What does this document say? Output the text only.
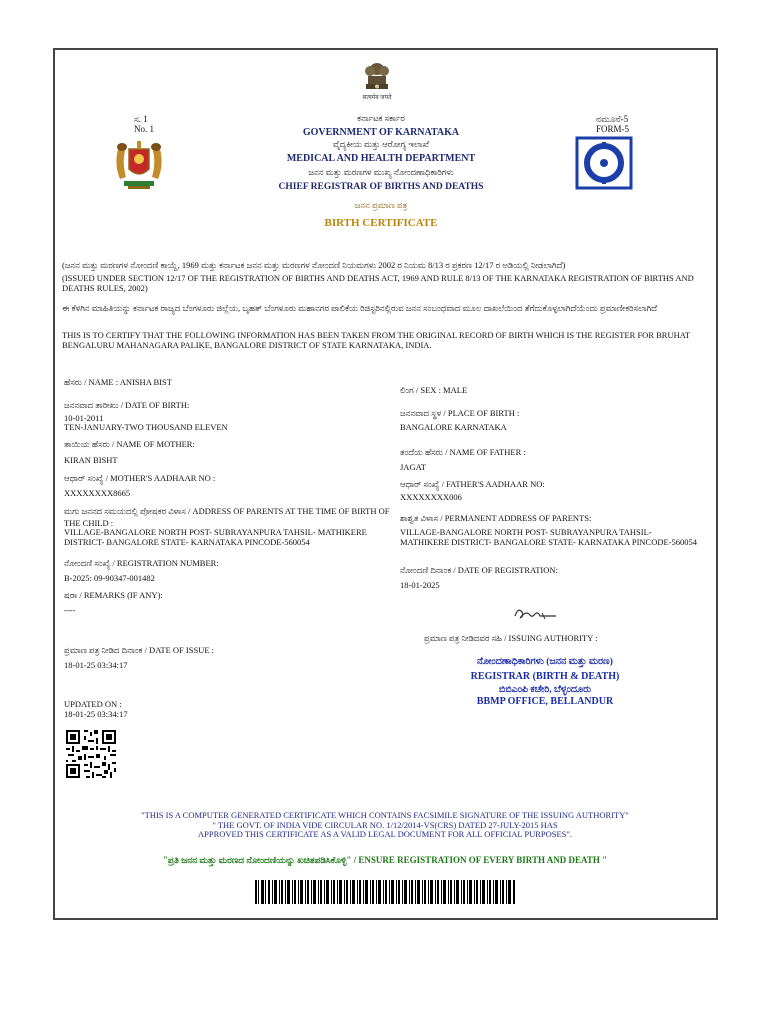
सत्यमेव जयते
ಸ. 1
No. 1
ಕರ್ನಾಟಕ ಸರ್ಕಾರ
GOVERNMENT OF KARNATAKA
ವೈದ್ಯಕೀಯ ಮತ್ತು ಆರೋಗ್ಯ ಇಲಾಖೆ
MEDICAL AND HEALTH DEPARTMENT
ಜನನ ಮತ್ತು ಮರಣಗಳ ಮುಖ್ಯ ನೋಂದಣಾಧಿಕಾರಿಗಳು
CHIEF REGISTRAR OF BIRTHS AND DEATHS
ಜನನ ಪ್ರಮಾಣ ಪತ್ರ
BIRTH CERTIFICATE
ನಮೂನೆ-5
FORM-5
(ಜನನ ಮತ್ತು ಮರಣಗಳ ನೋಂದಣಿ ಕಾಯ್ದೆ, 1969 ಮತ್ತು ಕರ್ನಾಟಕ ಜನನ ಮತ್ತು ಮರಣಗಳ ನೋಂದಣಿ ನಿಯಮಗಳು 2002 ರ ನಿಯಮ 8/13 ರ ಪ್ರಕರಣ 12/17 ರ ಅಡಿಯಲ್ಲಿ ನೀಡಲಾಗಿದೆ)
(ISSUED UNDER SECTION 12/17 OF THE REGISTRATION OF BIRTHS AND DEATHS ACT, 1969 AND RULE 8/13 OF THE KARNATAKA REGISTRATION OF BIRTHS AND DEATHS RULES, 2002)
ಈ ಕೆಳಗಿನ ಮಾಹಿತಿಯನ್ನು ಕರ್ನಾಟಕ ರಾಜ್ಯದ ಬೆಂಗಳೂರು ಜಿಲ್ಲೆಯ, ಬೃಹತ್ ಬೆಂಗಳೂರು ಮಹಾನಗರ ಪಾಲಿಕೆಯ ರಿಜಿಸ್ಟರಿನಲ್ಲಿರುವ ಜನನ ಸಂಬಂಧವಾದ ಮೂಲ ದಾಖಲೆಯಿಂದ ತೆಗೆದುಕೊಳ್ಳಲಾಗಿದೆಯೆಂದು ಪ್ರಮಾಣೀಕರಿಸಲಾಗಿದೆ
THIS IS TO CERTIFY THAT THE FOLLOWING INFORMATION HAS BEEN TAKEN FROM THE ORIGINAL RECORD OF BIRTH WHICH IS THE REGISTER FOR BRUHAT BENGALURU MAHANAGARA PALIKE, BANGALORE DISTRICT OF STATE KARNATAKA, INDIA.
ಹೆಸರು / NAME : ANISHA BIST
ಜನನವಾದ ತಾರೀಖು / DATE OF BIRTH:
10-01-2011
TEN-JANUARY-TWO THOUSAND ELEVEN
ತಾಯಿಯ ಹೆಸರು / NAME OF MOTHER:
KIRAN BISHT
ಆಧಾರ್ ಸಂಖ್ಯೆ / MOTHER'S AADHAAR NO :
XXXXXXXX8665
ಮಗು ಜನನದ ಸಮಯದಲ್ಲಿ ಪೋಷಕರ ವಿಳಾಸ / ADDRESS OF PARENTS AT THE TIME OF BIRTH OF THE CHILD :
VILLAGE-BANGALORE NORTH POST- SUBRAYANPURA TAHSIL- MATHIKERE DISTRICT- BANGALORE STATE- KARNATAKA PINCODE-560054
ನೋಂದಣಿ ಸಂಖ್ಯೆ / REGISTRATION NUMBER:
B-2025: 09-90347-001482
ಷರಾ / REMARKS (IF ANY):
----
ಪ್ರಮಾಣ ಪತ್ರ ನೀಡಿದ ದಿನಾಂಕ / DATE OF ISSUE :
18-01-25 03:34:17
UPDATED ON :
18-01-25 03:34:17
ಲಿಂಗ / SEX : MALE
ಜನನವಾದ ಸ್ಥಳ / PLACE OF BIRTH :
BANGALORE KARNATAKA
ತಂದೆಯ ಹೆಸರು / NAME OF FATHER :
JAGAT
ಆಧಾರ್ ಸಂಖ್ಯೆ / FATHER'S AADHAAR NO:
XXXXXXXX006
ಶಾಶ್ವತ ವಿಳಾಸ / PERMANENT ADDRESS OF PARENTS:
VILLAGE-BANGALORE NORTH POST- SUBRAYANPURA TAHSIL- MATHIKERE DISTRICT- BANGALORE STATE- KARNATAKA PINCODE-560054
ನೋಂದಣಿ ದಿನಾಂಕ / DATE OF REGISTRATION:
18-01-2025
ಪ್ರಮಾಣ ಪತ್ರ ನೀಡಿದವರ ಸಹಿ / ISSUING AUTHORITY :
ನೋಂದಣಾಧಿಕಾರಿಗಳು (ಜನನ ಮತ್ತು ಮರಣ)
REGISTRAR (BIRTH & DEATH)
ಬಿಬಿಎಂಪಿ ಕಚೇರಿ, ಬೆಳ್ಳಂದೂರು
BBMP OFFICE, BELLANDUR
"THIS IS A COMPUTER GENERATED CERTIFICATE WHICH CONTAINS FACSIMILE SIGNATURE OF THE ISSUING AUTHORITY"
" THE GOVT. OF INDIA VIDE CIRCULAR NO. 1/12/2014-VS(CRS) DATED 27-JULY-2015 HAS
APPROVED THIS CERTIFICATE AS A VALID LEGAL DOCUMENT FOR ALL OFFICIAL PURPOSES".
"ಪ್ರತಿ ಜನನ ಮತ್ತು ಮರಣದ ನೋಂದಣಿಯನ್ನು ಖಚಿತಪಡಿಸಿಕೊಳ್ಳಿ" / ENSURE REGISTRATION OF EVERY BIRTH AND DEATH "
